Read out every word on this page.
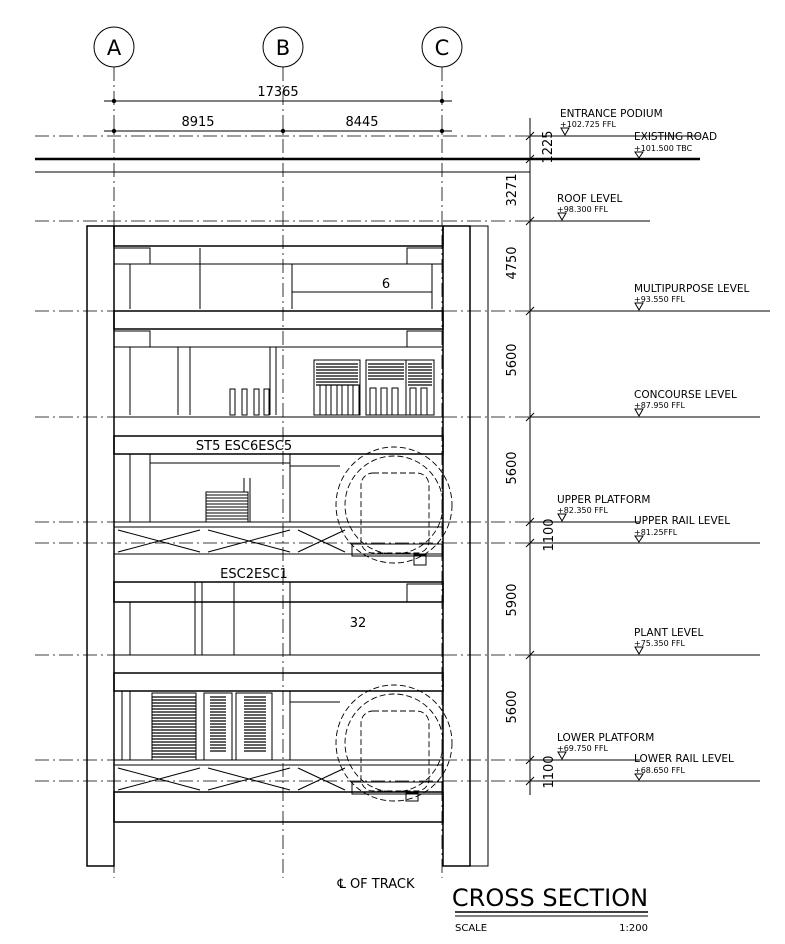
A	B	C
17365
8915	8445
1225
3271
4750
5600
5600
1100
5900
5600
1100
ENTRANCE PODIUM
+102.725 FFL
EXISTING ROAD
+101.500 TBC
ROOF LEVEL
+98.300 FFL
MULTIPURPOSE LEVEL
+93.550 FFL
CONCOURSE LEVEL
+87.950 FFL
UPPER PLATFORM
+82.350 FFL
UPPER RAIL LEVEL
+81.25FFL
PLANT LEVEL
+75.350 FFL
LOWER PLATFORM
+69.750 FFL
LOWER RAIL LEVEL
+68.650 FFL
6
ST5 ESC6ESC5
ESC2ESC1
32
℄ OF TRACK CROSS SECTION
SCALE	1:200
